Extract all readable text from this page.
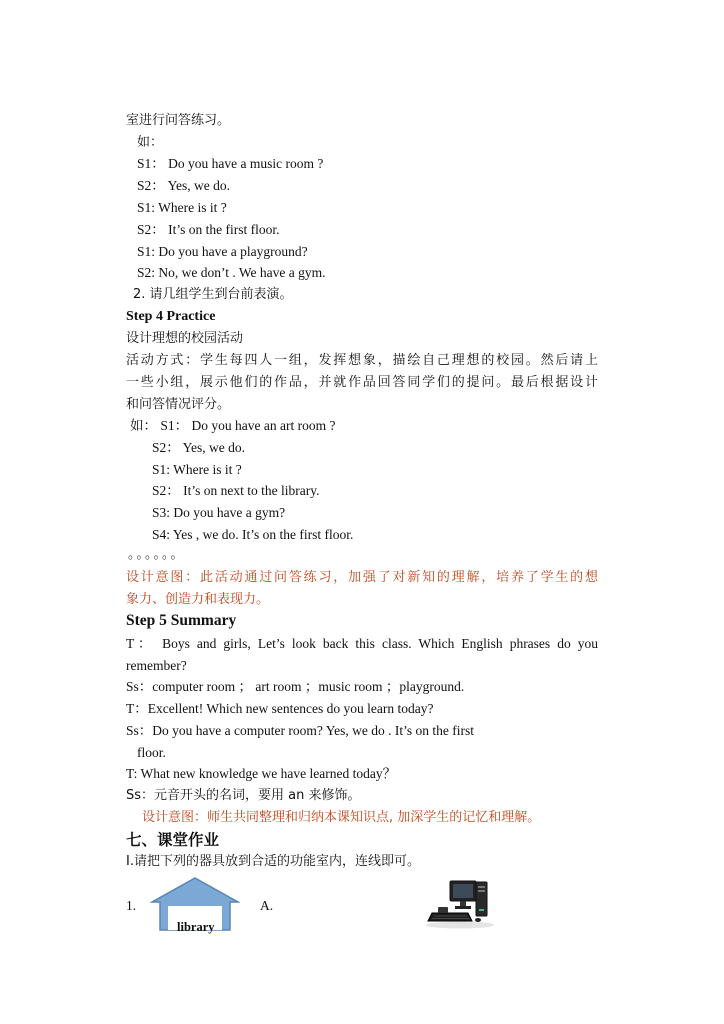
室进行问答练习。
如：
S1： Do you have a music room ?
S2： Yes, we do.
S1: Where is it ?
S2： It’s on the first floor.
S1: Do you have a playground?
S2: No, we don’t . We have a gym.
2. 请几组学生到台前表演。
Step 4 Practice
设计理想的校园活动
活动方式：学生每四人一组，发挥想象，描绘自己理想的校园。然后请上
一些小组，展示他们的作品，并就作品回答同学们的提问。最后根据设计
和问答情况评分。
如： S1： Do you have an art room ?
S2： Yes, we do.
S1: Where is it ?
S2： It’s on next to the library.
S3: Do you have a gym?
S4: Yes , we do. It’s on the first floor.
。。。。。。
设计意图：此活动通过问答练习，加强了对新知的理解，培养了学生的想
象力、创造力和表现力。
Step 5 Summary
T： Boys and girls, Let’s look back this class. Which English phrases do you
remember?
Ss：computer room ； art room ；music room ；playground.
T：Excellent! Which new sentences do you learn today?
Ss：Do you have a computer room? Yes, we do . It’s on the first
floor.
T: What new knowledge we have learned today？
Ss：元音开头的名词，要用 an 来修饰。
设计意图：师生共同整理和归纳本课知识点, 加深学生的记忆和理解。
七、课堂作业
Ⅰ.请把下列的器具放到合适的功能室内，连线即可。
1.
library
A.
